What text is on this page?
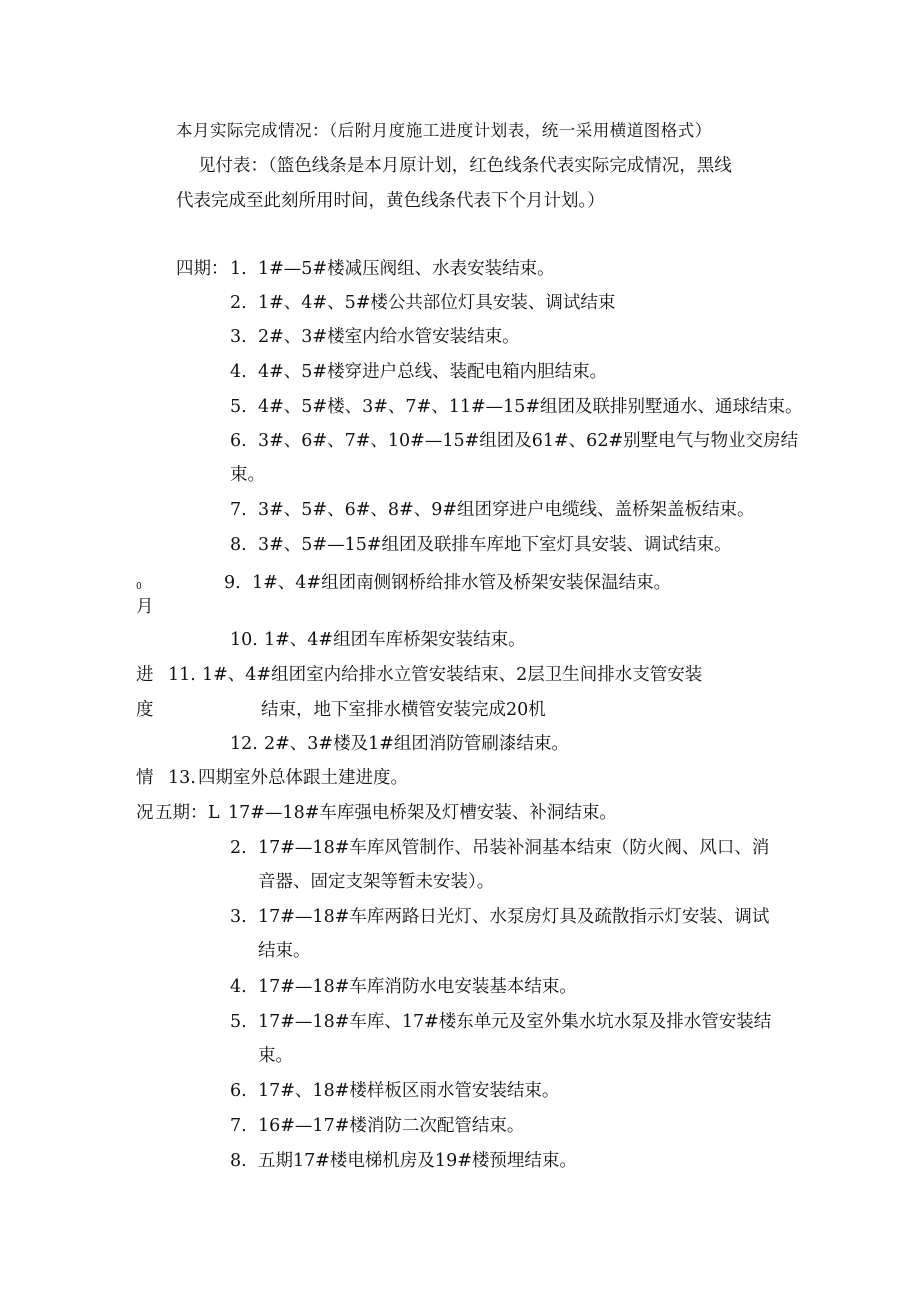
本月实际完成情况：（后附月度施工进度计划表，统一采用横道图格式）
见付表：（篮色线条是本月原计划，红色线条代表实际完成情况，黑线
代表完成至此刻所用时间，黄色线条代表下个月计划。）
四期： 1. 1#—5#楼减压阀组、水表安装结束。
2. 1#、4#、5#楼公共部位灯具安装、调试结束
3. 2#、3#楼室内给水管安装结束。
4. 4#、5#楼穿进户总线、装配电箱内胆结束。
5. 4#、5#楼、3#、7#、11#—15#组团及联排别墅通水、通球结束。
6. 3#、6#、7#、10#—15#组团及61#、62#别墅电气与物业交房结
束。
7. 3#、5#、6#、8#、9#组团穿进户电缆线、盖桥架盖板结束。
8. 3#、5#—15#组团及联排车库地下室灯具安装、调试结束。
0	9. 1#、4#组团南侧钢桥给排水管及桥架安装保温结束。
月
10. 1#、4#组团车库桥架安装结束。
进 11. 1#、4#组团室内给排水立管安装结束、2层卫生间排水支管安装
度	结束，地下室排水横管安装完成20机
12. 2#、3#楼及1#组团消防管刷漆结束。
情 13. 四期室外总体跟土建进度。
况 五期： L 17#—18#车库强电桥架及灯槽安装、补洞结束。
2. 17#—18#车库风管制作、吊装补洞基本结束（防火阀、风口、消
音器、固定支架等暂未安装）。
3. 17#—18#车库两路日光灯、水泵房灯具及疏散指示灯安装、调试
结束。
4. 17#—18#车库消防水电安装基本结束。
5. 17#—18#车库、17#楼东单元及室外集水坑水泵及排水管安装结
束。
6. 17#、18#楼样板区雨水管安装结束。
7. 16#—17#楼消防二次配管结束。
8. 五期17#楼电梯机房及19#楼预埋结束。
